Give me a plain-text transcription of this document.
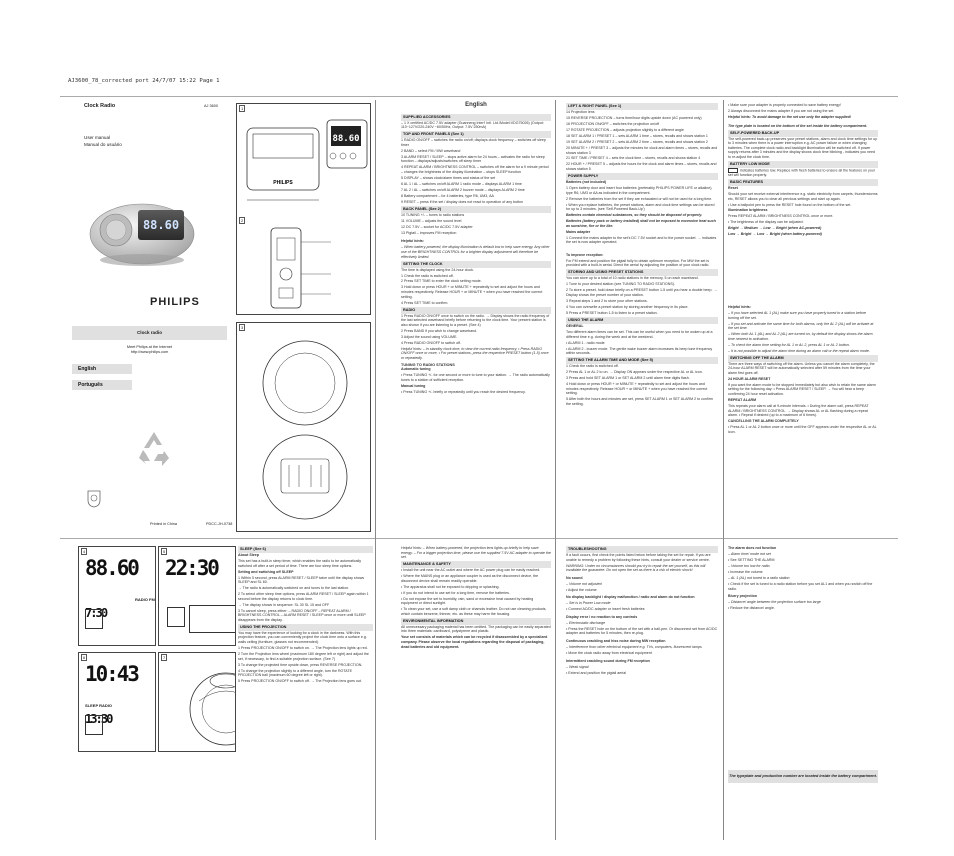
AJ3600_78_corrected port 24/7/07 15:22 Page 1
Clock Radio	AJ 3600
User manual
Manual do usuário
88.60
PHILIPS
Clock radio
Meet Philips at the Internet
http://www.philips.com
English
Português
Printed in China	PDCC-JH-0738
1
88.60
PHILIPS
2
3
English
SUPPLIED ACCESSORIES

– 1 X certified AC/DC 7.5V adapter (Guanneng Inter'l Intl. Ltd./Model:VDG75026) (Output: 110~127V/220-240V ~60/50Hz, Output: 7.5V 250mA)

TOP AND FRONT PANELS (See 1)

1 RADIO ON/OFF – switches the radio on/off; displays clock frequency – switches off sleep timer

2 BAND – select FM / MW waveband

3 ALARM RESET / SLEEP – stops active alarm for 24 hours – activates the radio for sleep function – displays/adjusts/switches off sleep timer

4 REPEAT ALARM / BRIGHTNESS CONTROL – switches off the alarm for a 9 minute period – changes the brightness of the display illumination – stops SLEEP function

5 DISPLAY – shows clock/alarm times and status of the set

6 AL 1 / AL – switches on/off ALARM 1 radio mode – displays ALARM 1 time

7 AL 2 / AL – switches on/off ALARM 2 buzzer mode – displays ALARM 2 time

8 Battery compartment – for 4 batteries, type R6, UM3, AA

9 RESET – press if the set / display does not react to operation of any button

BACK PANEL (See 2)

10 TUNING +/- – tunes to radio stations

11 VOLUME – adjusts the sound level

12 DC 7.5V – socket for AC/DC 7.5V adapter

13 Pigtail – improves FM reception

Helpful hints:

– When battery-powered, the display illumination is default low to help save energy. Any other use of the BRIGHTNESS CONTROL for a brighter display adjustment will therefore be effectively limited.

SETTING THE CLOCK

The time is displayed using the 24-hour clock.

1 Check the radio is switched off.

2 Press SET TIME to enter the clock setting mode.

3 Hold down or press HOUR + or MINUTE + repeatedly to set and adjust the hours and minutes respectively. Release HOUR + or MINUTE + when you have reached the correct setting.

4 Press SET TIME to confirm.

RADIO

1 Press RADIO ON/OFF once to switch on the radio. → Display shows the radio frequency of the last selected waveband briefly before returning to the clock time. Your present station is also shown if you are listening to a preset. (See 4)

2 Press BAND if you wish to change waveband.

3 Adjust the sound using VOLUME.

4 Press RADIO ON/OFF to switch off.

Helpful hints: – In standby clock time, to view the current radio frequency, • Press RADIO ON/OFF once or more, • For preset stations, press the respective PRESET button (1-5) once or repeatedly.

TUNING TO RADIO STATIONS

Automatic tuning

• Press TUNING +/- for one second or more to tune to your station. → The radio automatically tunes to a station of sufficient reception.

Manual tuning

• Press TUNING +/- briefly or repeatedly until you reach the desired frequency.

LEFT & RIGHT PANEL (See 1)

14 Projection lens

15 REVERSE PROJECTION – turns time/hour digits upside down (AC powered only)

16 PROJECTION ON/OFF – switches the projection on/off

17 ROTATE PROJECTION – adjusts projection slightly to a different angle

18 SET ALARM 1 / PRESET 1 – sets ALARM 1 time – stores, recalls and shows station 1

19 SET ALARM 2 / PRESET 2 – sets ALARM 2 time – stores, recalls and shows station 2

20 MINUTE + / PRESET 3 – adjusts the minutes for clock and alarm times – stores, recalls and shows station 3

21 SET TIME / PRESET 4 – sets the clock time – stores, recalls and shows station 4

22 HOUR + / PRESET 5 – adjusts the hours for the clock and alarm times – stores, recalls and shows station 5

POWER SUPPLY

Batteries (not included)

1 Open battery door and insert four batteries (preferably PHILIPS POWER LIFE or alkaline), type R6, UM3 or AA as indicated in the compartment.

2 Remove the batteries from the set if they are exhausted or will not be used for a long time.

• When you replace batteries, the preset stations, alarm and clock time settings can be stored for up to 3 minutes. (see 'Self-Powered Back-Up')

Batteries contain chemical substances, so they should be disposed of properly.

Batteries (battery pack or battery installed) shall not be exposed to excessive heat such as sunshine, fire or the like.

Mains adapter

1 Connect the mains adapter to the set's DC 7.5V socket and to the power socket. → indicates the set is now adapter operated.

To improve reception:

For FM extend and position the pigtail fully to obtain optimum reception. For MW the set is provided with a built-in aerial. Direct the aerial by adjusting the position of your clock radio.

STORING AND USING PRESET STATIONS

You can store up to a total of 10 radio stations in the memory, 5 on each waveband.

1 Tune to your desired station (see TUNING TO RADIO STATIONS).

2 To store a preset, hold down briefly on a PRESET button 1-5 until you hear a double beep. → Display shows the preset number of your station.

3 Repeat steps 1 and 2 to store your other stations.

4 You can overwrite a preset station by storing another frequency in its place.

5 Press a PRESET button 1-5 to listen to a preset station.

USING THE ALARM

GENERAL

Two different alarm times can be set. This can be useful when you need to be woken up at a different time e.g. during the week and at the weekend.

• ALARM 1 - radio mode

• ALARM 2 - buzzer mode. The gentle wake buzzer alarm increases its beep tone frequency within seconds.

SETTING THE ALARM TIME AND MODE (See 5)

1 Check the radio is switched off.

2 Press AL 1 or AL 2 to on. → Display ON appears under the respective AL or AL icon.

3 Press and hold SET ALARM 1 or SET ALARM 2 until alarm time digits flash.

4 Hold down or press HOUR + or MINUTE + repeatedly to set and adjust the hours and minutes respectively. Release HOUR + or MINUTE + when you have reached the correct setting.

5 After both the hours and minutes are set, press SET ALARM 1 or SET ALARM 2 to confirm the setting.

• Make sure your adapter is properly connected to save battery energy!

2 Always disconnect the mains adapter if you are not using the set.

Helpful hints: To avoid damage to the set use only the adapter supplied!

The type plate is located on the bottom of the set inside the battery compartment.

SELF-POWERED BACK-UP

The self-powered back-up preserves your preset stations, alarm and clock time settings for up to 3 minutes when there is a power interruption e.g. AC power failure or when changing batteries. The complete clock radio and backlight illumination will be switched off. If power supply returns after 3 minutes and the display shows clock time blinking - indicates you need to re-adjust the clock time.

BATTERY LOW MODE

indicates batteries low. Replace with fresh batteries to ensure all the features on your set will function properly.

BASIC FEATURES

Reset

Should your set receive external interference e.g. static electricity from carpets, thunderstorms etc, RESET allows you to clear all previous settings and start up again.

• Use a ballpoint pen to press the RESET hole found on the bottom of the set.

Illumination brightness

Press REPEAT ALARM / BRIGHTNESS CONTROL once or more.

• The brightness of the display can be adjusted:

Bright → Medium → Low → Bright (when AC-powered)

Low → Bright → Low → Bright (when battery-powered)

Helpful hints:

– If you have selected AL 1 (AL) make sure you have properly tuned to a station before turning off the set.

– If you set and activate the same time for both alarms, only the AL 2 (AL) will be activate at the set time.

– When both AL 1 (AL) and AL 2 (AL) are turned on, by default the display shows the alarm time nearest to activation.

– To check the alarm time setting for AL 1 or AL 2, press AL 1 or AL 2 button.

– It is not possible to adjust the alarm time during an alarm call or the repeat alarm mode.

SWITCHING OFF THE ALARM

There are three ways of switching off the alarm. Unless you cancel the alarm completely, the 24-hour ALARM RESET will be automatically selected after 59 minutes from the time your alarm first goes off.

24 HOUR ALARM RESET

If you want the alarm mode to be stopped immediately but also wish to retain the same alarm setting for the following day: • Press ALARM RESET / SLEEP. → You will hear a beep confirming 24 hour reset activation.

REPEAT ALARM

This repeats your alarm call at 9-minute intervals. • During the alarm call, press REPEAT ALARM / BRIGHTNESS CONTROL. → Display shows AL or AL flashing during a repeat alarm. • Repeat if desired (up to a maximum of 6 times).

CANCELLING THE ALARM COMPLETELY

• Press AL 1 or AL 2 button once or more until the OFF appears under the respective AL or AL icon.

4
88.60
RADIO FM
7:30
5
22:30
6
10:43
SLEEP RADIO
13:30
7

Helpful hints: – When battery-powered, the projection lens lights up briefly to help save energy. – For a bigger projection time, please use the supplied 7.5V AC adapter to operate the set.

MAINTENANCE & SAFETY

• Install the unit near the AC outlet and where the AC power plug can be easily reached.

• Where the MAINS plug or an appliance coupler is used as the disconnect device, the disconnect device shall remain readily operable.

• The apparatus shall not be exposed to dripping or splashing.

• If you do not intend to use set for a long time, remove the batteries.

• Do not expose the set to humidity, rain, sand or excessive heat caused by heating equipment or direct sunlight.

• To clean your set, use a soft damp cloth or chamois leather. Do not use cleaning products, which contain benzene, thinner, etc. as these may harm the housing.

ENVIRONMENTAL INFORMATION

All unnecessary packaging material has been omitted. The packaging can be easily separated into three materials: cardboard, polystyrene and plastic.

Your set consists of materials which can be recycled if disassembled by a specialized company. Please observe the local regulations regarding the disposal of packaging, dead batteries and old equipment.

TROUBLESHOOTING

If a fault occurs, first check the points listed below before taking the set for repair. If you are unable to remedy a problem by following these hints, consult your dealer or service centre.

WARNING: Under no circumstances should you try to repair the set yourself, as this will invalidate the guarantee. Do not open the set as there is a risk of electric shock!

No sound

– Volume not adjusted

• Adjust the volume

No display backlight / display malfunction / radio and alarm do not function

– Set is in Power Low mode

• Connect AC/DC adapter or insert fresh batteries

Display error / no reaction to any controls

– Electrostatic discharge

• Press the RESET hole on the bottom of the set with a ball-pen. Or disconnect set from AC/DC adapter and batteries for 5 minutes, then re-plug.

Continuous crackling and hiss noise during MW reception

– Interference from other electrical equipment e.g. TVs, computers, fluorescent lamps

• Move the clock radio away from electrical equipment

Intermittent crackling sound during FM reception

– Weak signal

• Extend and position the pigtail aerial

The alarm does not function

– Alarm time/ mode not set

• See SETTING THE ALARM

– Volume too low for radio

• Increase the volume

– AL 1 (AL) not tuned to a radio station

• Check if the set is tuned to a radio station before you set AL1 and when you switch off the radio.

Blurry projection

– Distance/ angle between the projection surface too large

• Reduce the distance/ angle.

The typeplate and production number are located inside the battery compartment.
SLEEP (See 6)

About Sleep

This set has a built-in sleep timer, which enables the radio to be automatically switched off after a set period of time. There are four sleep time options.

Setting and switching off SLEEP

1 Within 5 second, press ALARM RESET / SLEEP twice until the display shows SLEEP and SL 60.

→ The radio is automatically switched on and tunes to the last station.

2 To select other sleep time options, press ALARM RESET / SLEEP again within 1 second before the display returns to clock time.

→ The display shows in sequence: SL 30 SL 15 and OFF

3 To cancel sleep, press either: – RADIO ON/OFF – REPEAT ALARM / BRIGHTNESS CONTROL – ALARM RESET / SLEEP once or more until SLEEP disappears from the display.

USING THE PROJECTION

You may have the experience of looking for a clock in the darkness. With this projection feature, you can conveniently project the clock time onto a surface e.g. walls ceiling (furniture, glasses not recommended).

1 Press PROJECTION ON/OFF to switch on. → The Projection lens lights up red.

2 Turn the Projection lens wheel (maximum 180 degree left or right) and adjust the set, if necessary, to find a suitable projection surface. (See 7)

3 To change the projected time upside down, press REVERSE PROJECTION.

4 To change the projection slightly to a different angle, turn the ROTATE PROJECTION ball (maximum 60 degree left or right).

5 Press PROJECTION ON/OFF to switch off. → The Projection lens goes out.
